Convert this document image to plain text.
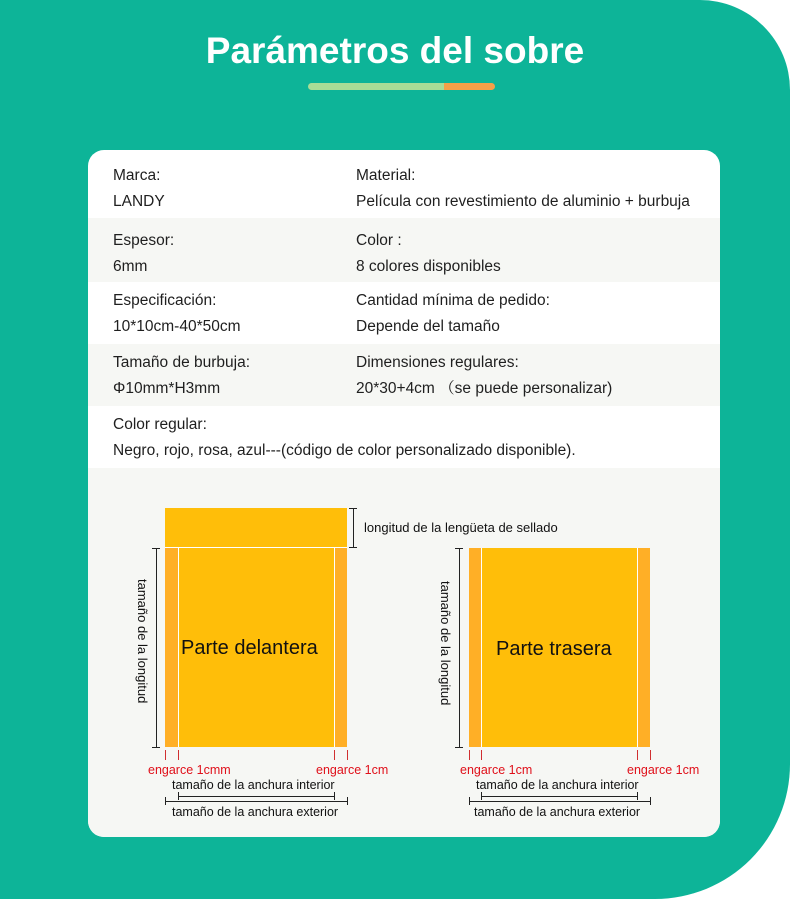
Parámetros del sobre
Marca:
LANDY
Material:
Película con revestimiento de aluminio + burbuja
Espesor:
6mm
Color :
8 colores disponibles
Especificación:
10*10cm-40*50cm
Cantidad mínima de pedido:
Depende del tamaño
Tamaño de burbuja:
Φ10mm*H3mm
Dimensiones regulares:
20*30+4cm （se puede personalizar)
Color regular:
Negro, rojo, rosa, azul---(código de color personalizado disponible).
Parte delantera
longitud de la lengüeta de sellado
tamaño de la longitud
engarce 1cmm	engarce 1cm
tamaño de la anchura interior
tamaño de la anchura exterior
Parte trasera
tamaño de la longitud
engarce 1cm	engarce 1cm
tamaño de la anchura interior
tamaño de la anchura exterior
